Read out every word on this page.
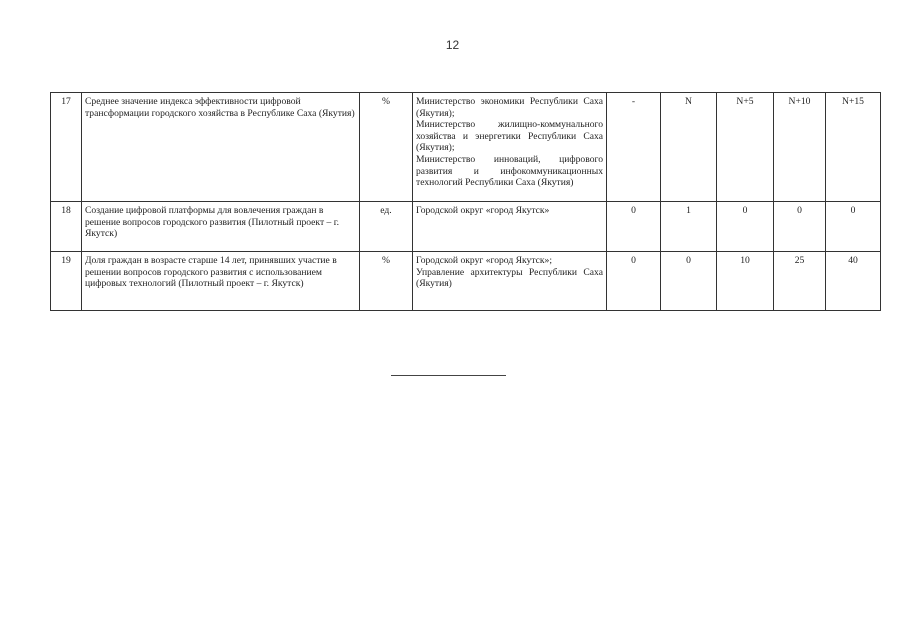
12
17	Среднее значение индекса эффективности цифровой трансформации городского хозяйства в Республике Саха (Якутия)	%	Министерство экономики Республики Саха (Якутия);
Министерство жилищно-коммунального хозяйства и энергетики Республики Саха (Якутия);
Министерство инноваций, цифрового развития и инфокоммуникационных технологий Республики Саха (Якутия)	-	N	N+5	N+10	N+15
18	Создание цифровой платформы для вовлечения граждан в решение вопросов городского развития (Пилотный проект – г. Якутск)	ед.	Городской округ «город Якутск»	0	1	0	0	0
19	Доля граждан в возрасте старше 14 лет, принявших участие в решении вопросов городского развития с использованием цифровых технологий (Пилотный проект – г. Якутск)	%	Городской округ «город Якутск»;
Управление архитектуры Республики Саха (Якутия)	0	0	10	25	40
